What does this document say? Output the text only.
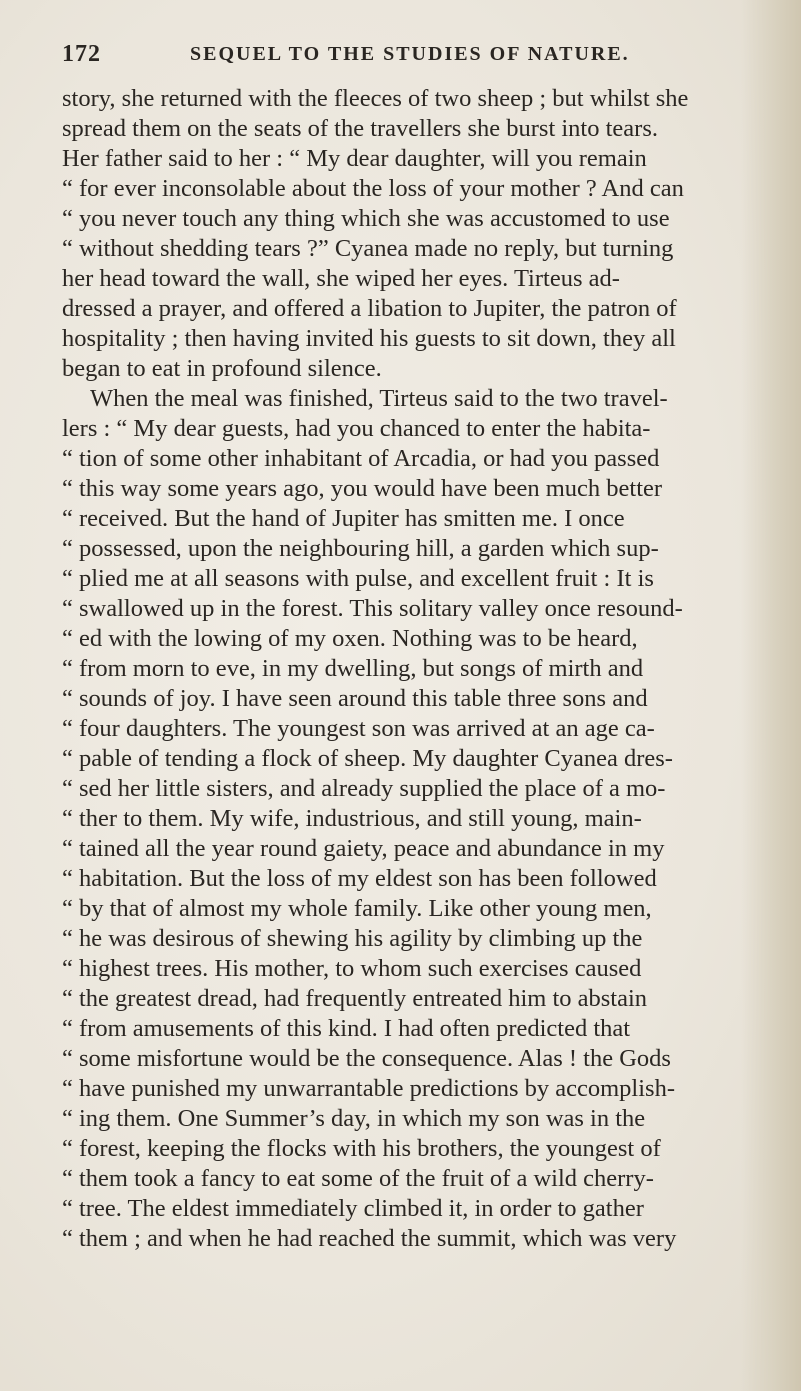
172	SEQUEL TO THE STUDIES OF NATURE.
story, she returned with the fleeces of two sheep ; but whilst she
spread them on the seats of the travellers she burst into tears.
Her father said to her : “ My dear daughter, will you remain
“ for ever inconsolable about the loss of your mother ? And can
“ you never touch any thing which she was accustomed to use
“ without shedding tears ?” Cyanea made no reply, but turning
her head toward the wall, she wiped her eyes. Tirteus ad-
dressed a prayer, and offered a libation to Jupiter, the patron of
hospitality ; then having invited his guests to sit down, they all
began to eat in profound silence.
When the meal was finished, Tirteus said to the two travel-
lers : “ My dear guests, had you chanced to enter the habita-
“ tion of some other inhabitant of Arcadia, or had you passed
“ this way some years ago, you would have been much better
“ received. But the hand of Jupiter has smitten me. I once
“ possessed, upon the neighbouring hill, a garden which sup-
“ plied me at all seasons with pulse, and excellent fruit : It is
“ swallowed up in the forest. This solitary valley once resound-
“ ed with the lowing of my oxen. Nothing was to be heard,
“ from morn to eve, in my dwelling, but songs of mirth and
“ sounds of joy. I have seen around this table three sons and
“ four daughters. The youngest son was arrived at an age ca-
“ pable of tending a flock of sheep. My daughter Cyanea dres-
“ sed her little sisters, and already supplied the place of a mo-
“ ther to them. My wife, industrious, and still young, main-
“ tained all the year round gaiety, peace and abundance in my
“ habitation. But the loss of my eldest son has been followed
“ by that of almost my whole family. Like other young men,
“ he was desirous of shewing his agility by climbing up the
“ highest trees. His mother, to whom such exercises caused
“ the greatest dread, had frequently entreated him to abstain
“ from amusements of this kind. I had often predicted that
“ some misfortune would be the consequence. Alas ! the Gods
“ have punished my unwarrantable predictions by accomplish-
“ ing them. One Summer’s day, in which my son was in the
“ forest, keeping the flocks with his brothers, the youngest of
“ them took a fancy to eat some of the fruit of a wild cherry-
“ tree. The eldest immediately climbed it, in order to gather
“ them ; and when he had reached the summit, which was very
